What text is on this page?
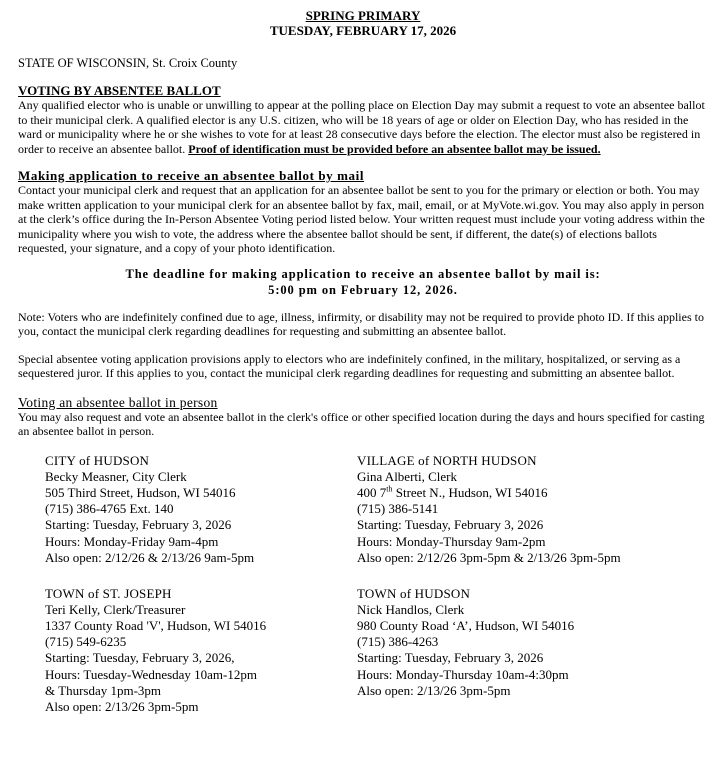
SPRING PRIMARY
TUESDAY, FEBRUARY 17, 2026
STATE OF WISCONSIN, St. Croix County
VOTING BY ABSENTEE BALLOT

Any qualified elector who is unable or unwilling to appear at the polling place on Election Day may submit a request to vote an absentee ballot to their municipal clerk. A qualified elector is any U.S. citizen, who will be 18 years of age or older on Election Day, who has resided in the ward or municipality where he or she wishes to vote for at least 28 consecutive days before the election. The elector must also be registered in order to receive an absentee ballot. Proof of identification must be provided before an absentee ballot may be issued.

Making application to receive an absentee ballot by mail

Contact your municipal clerk and request that an application for an absentee ballot be sent to you for the primary or election or both. You may make written application to your municipal clerk for an absentee ballot by fax, mail, email, or at MyVote.wi.gov. You may also apply in person at the clerk’s office during the In-Person Absentee Voting period listed below. Your written request must include your voting address within the municipality where you wish to vote, the address where the absentee ballot should be sent, if different, the date(s) of elections ballots requested, your signature, and a copy of your photo identification.

The deadline for making application to receive an absentee ballot by mail is:
5:00 pm on February 12, 2026.

Note: Voters who are indefinitely confined due to age, illness, infirmity, or disability may not be required to provide photo ID. If this applies to you, contact the municipal clerk regarding deadlines for requesting and submitting an absentee ballot.

Special absentee voting application provisions apply to electors who are indefinitely confined, in the military, hospitalized, or serving as a sequestered juror. If this applies to you, contact the municipal clerk regarding deadlines for requesting and submitting an absentee ballot.

Voting an absentee ballot in person

You may also request and vote an absentee ballot in the clerk's office or other specified location during the days and hours specified for casting an absentee ballot in person.

CITY of HUDSON
Becky Measner, City Clerk
505 Third Street, Hudson, WI 54016
(715) 386-4765 Ext. 140
Starting: Tuesday, February 3, 2026
Hours: Monday-Friday 9am-4pm
Also open: 2/12/26 & 2/13/26 9am-5pm
VILLAGE of NORTH HUDSON
Gina Alberti, Clerk
400 7th Street N., Hudson, WI 54016
(715) 386-5141
Starting: Tuesday, February 3, 2026
Hours: Monday-Thursday 9am-2pm
Also open: 2/12/26 3pm-5pm & 2/13/26 3pm-5pm
TOWN of ST. JOSEPH
Teri Kelly, Clerk/Treasurer
1337 County Road 'V', Hudson, WI 54016
(715) 549-6235
Starting: Tuesday, February 3, 2026,
Hours: Tuesday-Wednesday 10am-12pm
& Thursday 1pm-3pm
Also open: 2/13/26 3pm-5pm
TOWN of HUDSON
Nick Handlos, Clerk
980 County Road ‘A’, Hudson, WI 54016
(715) 386-4263
Starting: Tuesday, February 3, 2026
Hours: Monday-Thursday 10am-4:30pm
Also open: 2/13/26 3pm-5pm
